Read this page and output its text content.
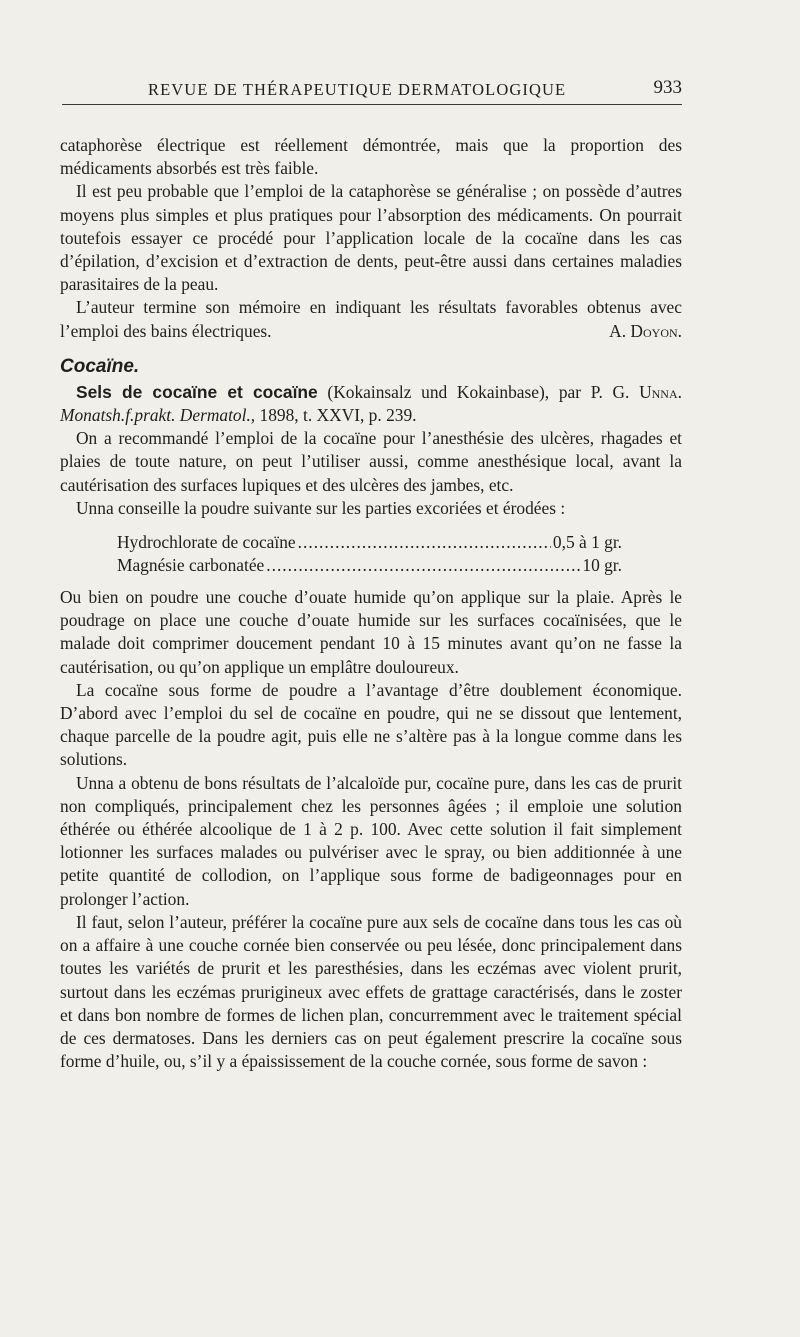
REVUE DE THÉRAPEUTIQUE DERMATOLOGIQUE	933

cataphorèse électrique est réellement démontrée, mais que la proportion des médicaments absorbés est très faible.

Il est peu probable que l’emploi de la cataphorèse se généralise ; on possède d’autres moyens plus simples et plus pratiques pour l’absorption des médicaments. On pourrait toutefois essayer ce procédé pour l’application locale de la cocaïne dans les cas d’épilation, d’excision et d’extraction de dents, peut-être aussi dans certaines maladies parasitaires de la peau.

L’auteur termine son mémoire en indiquant les résultats favorables obtenus avec l’emploi des bains électriques.	A. Doyon.

Cocaïne.

Sels de cocaïne et cocaïne (Kokainsalz und Kokainbase), par P. G. Unna. Monatsh.f.prakt. Dermatol., 1898, t. XXVI, p. 239.

On a recommandé l’emploi de la cocaïne pour l’anesthésie des ulcères, rhagades et plaies de toute nature, on peut l’utiliser aussi, comme anesthésique local, avant la cautérisation des surfaces lupiques et des ulcères des jambes, etc.

Unna conseille la poudre suivante sur les parties excoriées et érodées :

Hydrochlorate de cocaïne .....	0,5 à 1 gr.
Magnésie carbonatée .....	10 gr.

Ou bien on poudre une couche d’ouate humide qu’on applique sur la plaie. Après le poudrage on place une couche d’ouate humide sur les surfaces cocaïnisées, que le malade doit comprimer doucement pendant 10 à 15 minutes avant qu’on ne fasse la cautérisation, ou qu’on applique un emplâtre douloureux.

La cocaïne sous forme de poudre a l’avantage d’être doublement économique. D’abord avec l’emploi du sel de cocaïne en poudre, qui ne se dissout que lentement, chaque parcelle de la poudre agit, puis elle ne s’altère pas à la longue comme dans les solutions.

Unna a obtenu de bons résultats de l’alcaloïde pur, cocaïne pure, dans les cas de prurit non compliqués, principalement chez les personnes âgées ; il emploie une solution éthérée ou éthérée alcoolique de 1 à 2 p. 100. Avec cette solution il fait simplement lotionner les surfaces malades ou pulvériser avec le spray, ou bien additionnée à une petite quantité de collodion, on l’applique sous forme de badigeonnages pour en prolonger l’action.

Il faut, selon l’auteur, préférer la cocaïne pure aux sels de cocaïne dans tous les cas où on a affaire à une couche cornée bien conservée ou peu lésée, donc principalement dans toutes les variétés de prurit et les paresthésies, dans les eczémas avec violent prurit, surtout dans les eczémas prurigineux avec effets de grattage caractérisés, dans le zoster et dans bon nombre de formes de lichen plan, concurremment avec le traitement spécial de ces dermatoses. Dans les derniers cas on peut également prescrire la cocaïne sous forme d’huile, ou, s’il y a épaississement de la couche cornée, sous forme de savon :
